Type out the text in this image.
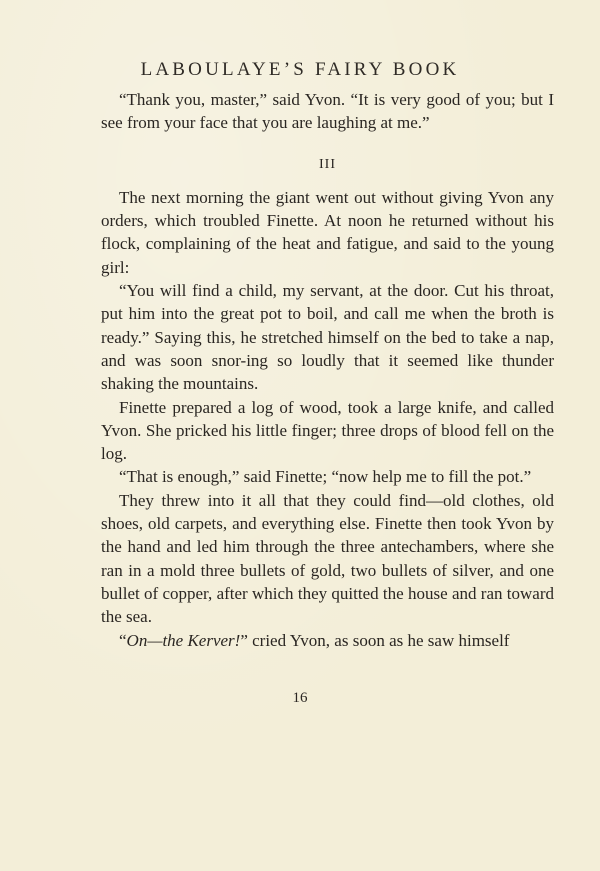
LABOULAYE’S FAIRY BOOK

“Thank you, master,” said Yvon. “It is very good of you; but I see from your face that you are laughing at me.”

III

The next morning the giant went out without giving Yvon any orders, which troubled Finette. At noon he returned without his flock, complaining of the heat and fatigue, and said to the young girl:

“You will find a child, my servant, at the door. Cut his throat, put him into the great pot to boil, and call me when the broth is ready.” Saying this, he stretched himself on the bed to take a nap, and was soon snor-ing so loudly that it seemed like thunder shaking the mountains.

Finette prepared a log of wood, took a large knife, and called Yvon. She pricked his little finger; three drops of blood fell on the log.

“That is enough,” said Finette; “now help me to fill the pot.”

They threw into it all that they could find—old clothes, old shoes, old carpets, and everything else. Finette then took Yvon by the hand and led him through the three antechambers, where she ran in a mold three bullets of gold, two bullets of silver, and one bullet of copper, after which they quitted the house and ran toward the sea.

“On—the Kerver!” cried Yvon, as soon as he saw himself

16
